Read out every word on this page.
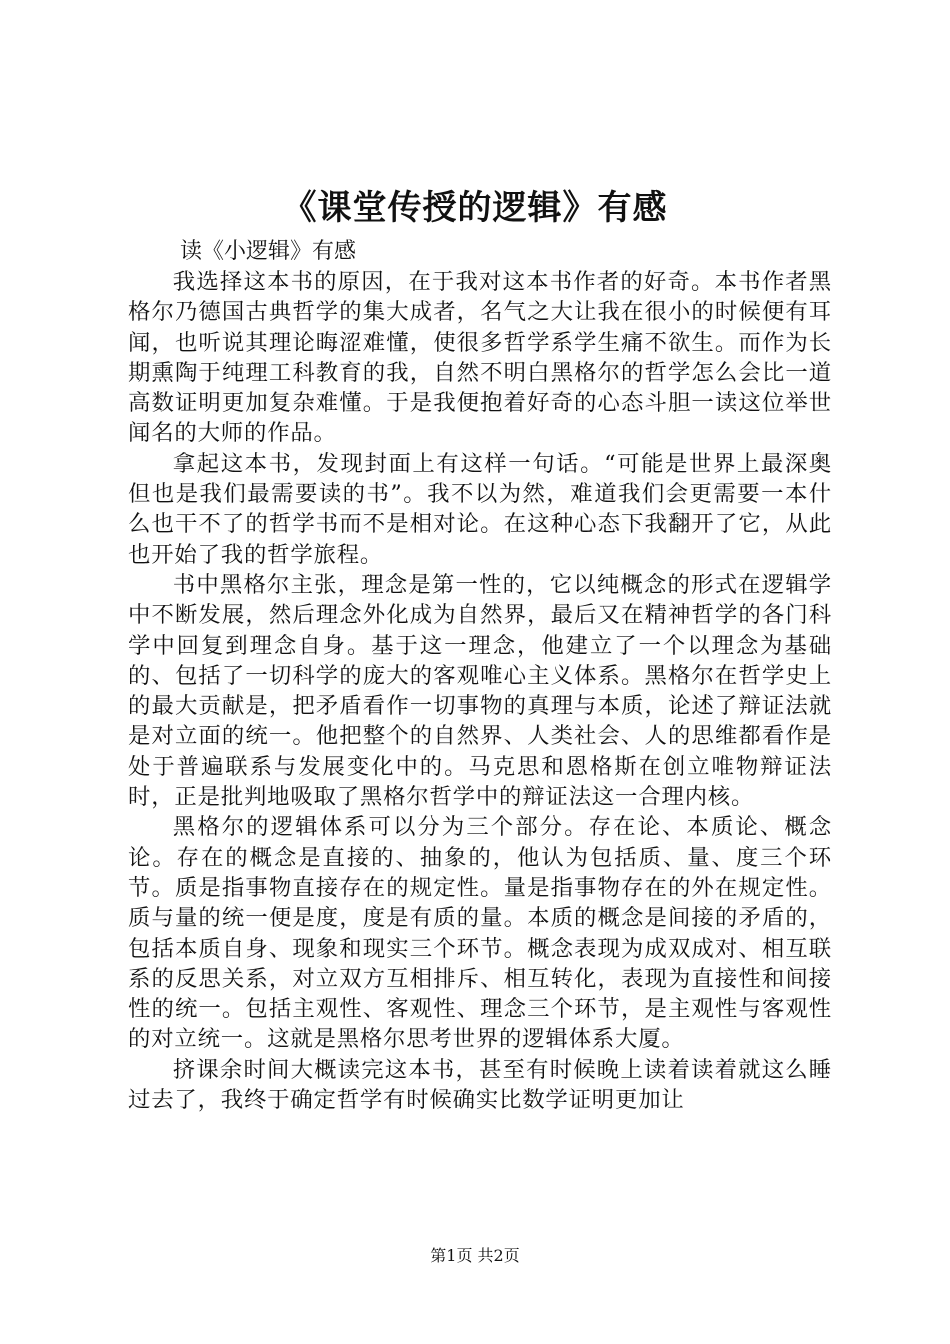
《课堂传授的逻辑》有感

读《小逻辑》有感

我选择这本书的原因，在于我对这本书作者的好奇。本书作者黑格尔乃德国古典哲学的集大成者，名气之大让我在很小的时候便有耳闻，也听说其理论晦涩难懂，使很多哲学系学生痛不欲生。而作为长期熏陶于纯理工科教育的我，自然不明白黑格尔的哲学怎么会比一道高数证明更加复杂难懂。于是我便抱着好奇的心态斗胆一读这位举世闻名的大师的作品。

拿起这本书，发现封面上有这样一句话。“可能是世界上最深奥但也是我们最需要读的书”。我不以为然，难道我们会更需要一本什么也干不了的哲学书而不是相对论。在这种心态下我翻开了它，从此也开始了我的哲学旅程。

书中黑格尔主张，理念是第一性的，它以纯概念的形式在逻辑学中不断发展，然后理念外化成为自然界，最后又在精神哲学的各门科学中回复到理念自身。基于这一理念，他建立了一个以理念为基础的、包括了一切科学的庞大的客观唯心主义体系。黑格尔在哲学史上的最大贡献是，把矛盾看作一切事物的真理与本质，论述了辩证法就是对立面的统一。他把整个的自然界、人类社会、人的思维都看作是处于普遍联系与发展变化中的。马克思和恩格斯在创立唯物辩证法时，正是批判地吸取了黑格尔哲学中的辩证法这一合理内核。

黑格尔的逻辑体系可以分为三个部分。存在论、本质论、概念论。存在的概念是直接的、抽象的，他认为包括质、量、度三个环节。质是指事物直接存在的规定性。量是指事物存在的外在规定性。质与量的统一便是度，度是有质的量。本质的概念是间接的矛盾的，包括本质自身、现象和现实三个环节。概念表现为成双成对、相互联系的反思关系，对立双方互相排斥、相互转化，表现为直接性和间接性的统一。包括主观性、客观性、理念三个环节，是主观性与客观性的对立统一。这就是黑格尔思考世界的逻辑体系大厦。

挤课余时间大概读完这本书，甚至有时候晚上读着读着就这么睡过去了，我终于确定哲学有时候确实比数学证明更加让

第1页 共2页
